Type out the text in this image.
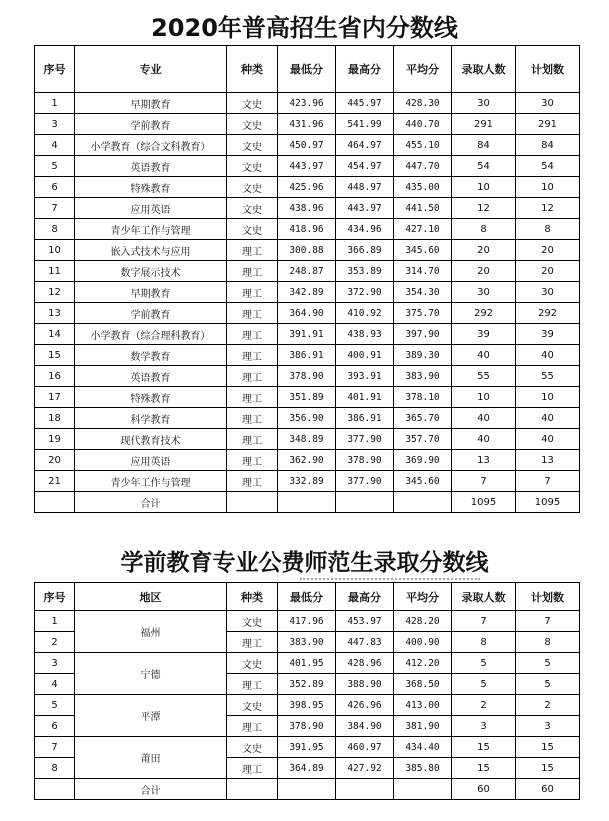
2020年普高招生省内分数线
序号	专业	种类	最低分	最高分	平均分	录取人数	计划数
1	早期教育	文史	423.96	445.97	428.30	30	30
3	学前教育	文史	431.96	541.99	440.70	291	291
4	小学教育（综合文科教育）	文史	450.97	464.97	455.10	84	84
5	英语教育	文史	443.97	454.97	447.70	54	54
6	特殊教育	文史	425.96	448.97	435.00	10	10
7	应用英语	文史	438.96	443.97	441.50	12	12
8	青少年工作与管理	文史	418.96	434.96	427.10	8	8
10	嵌入式技术与应用	理工	300.88	366.89	345.60	20	20
11	数字展示技术	理工	248.87	353.89	314.70	20	20
12	早期教育	理工	342.89	372.90	354.30	30	30
13	学前教育	理工	364.90	410.92	375.70	292	292
14	小学教育（综合理科教育）	理工	391.91	438.93	397.90	39	39
15	数学教育	理工	386.91	400.91	389.30	40	40
16	英语教育	理工	378.90	393.91	383.90	55	55
17	特殊教育	理工	351.89	401.91	378.10	10	10
18	科学教育	理工	356.90	386.91	365.70	40	40
19	现代教育技术	理工	348.89	377.90	357.70	40	40
20	应用英语	理工	362.90	378.90	369.90	13	13
21	青少年工作与管理	理工	332.89	377.90	345.60	7	7
	合计					1095	1095
学前教育专业公费师范生录取分数线
序号	地区	种类	最低分	最高分	平均分	录取人数	计划数
1	福州	文史	417.96	453.97	428.20	7	7
2		理工	383.90	447.83	400.90	8	8
3	宁德	文史	401.95	428.96	412.20	5	5
4		理工	352.89	388.90	368.50	5	5
5	平潭	文史	398.95	426.96	413.00	2	2
6		理工	378.90	384.90	381.90	3	3
7	莆田	文史	391.95	460.97	434.40	15	15
8		理工	364.89	427.92	385.80	15	15
	合计					60	60
